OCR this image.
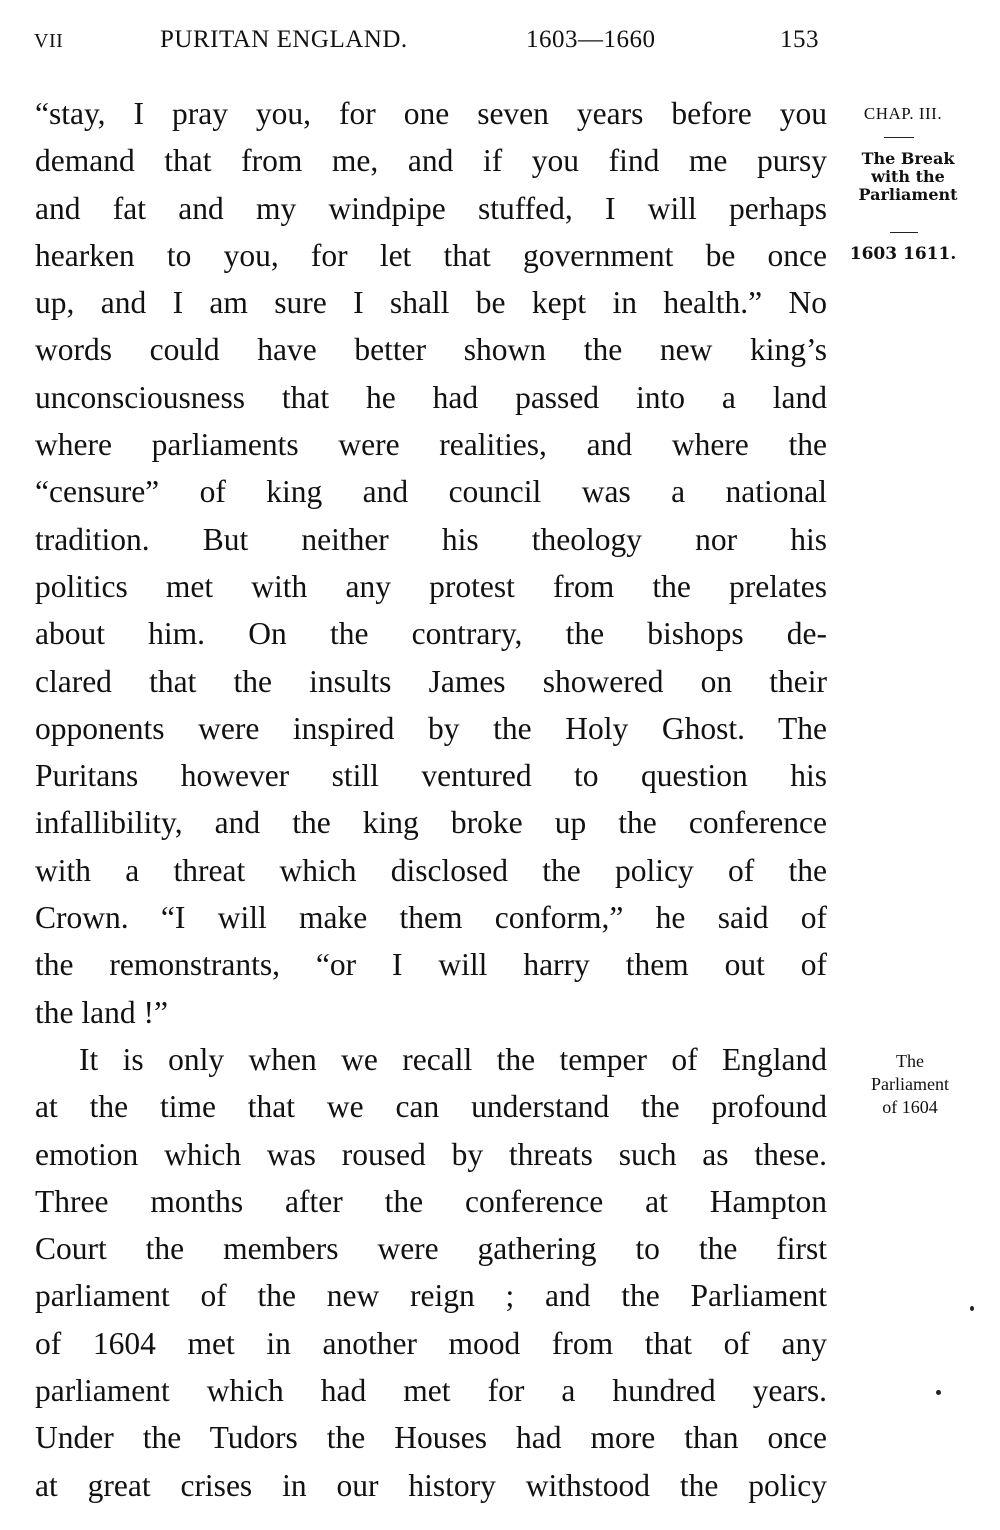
VII	PURITAN ENGLAND.	1603—1660	153
“stay, I pray you, for one seven years before you
demand that from me, and if you find me pursy
and fat and my windpipe stuffed, I will perhaps
hearken to you, for let that government be once
up, and I am sure I shall be kept in health.” No
words could have better shown the new king’s
unconsciousness that he had passed into a land
where parliaments were realities, and where the
“censure” of king and council was a national
tradition. But neither his theology nor his
politics met with any protest from the prelates
about him. On the contrary, the bishops de-
clared that the insults James showered on their
opponents were inspired by the Holy Ghost. The
Puritans however still ventured to question his
infallibility, and the king broke up the conference
with a threat which disclosed the policy of the
Crown. “I will make them conform,” he said of
the remonstrants, “or I will harry them out of
the land !”
It is only when we recall the temper of England
at the time that we can understand the profound
emotion which was roused by threats such as these.
Three months after the conference at Hampton
Court the members were gathering to the first
parliament of the new reign ; and the Parliament
of 1604 met in another mood from that of any
parliament which had met for a hundred years.
Under the Tudors the Houses had more than once
at great crises in our history withstood the policy
CHAP. III.
The Break
with the
Parliament
1603 1611.
The
Parliament
of 1604
